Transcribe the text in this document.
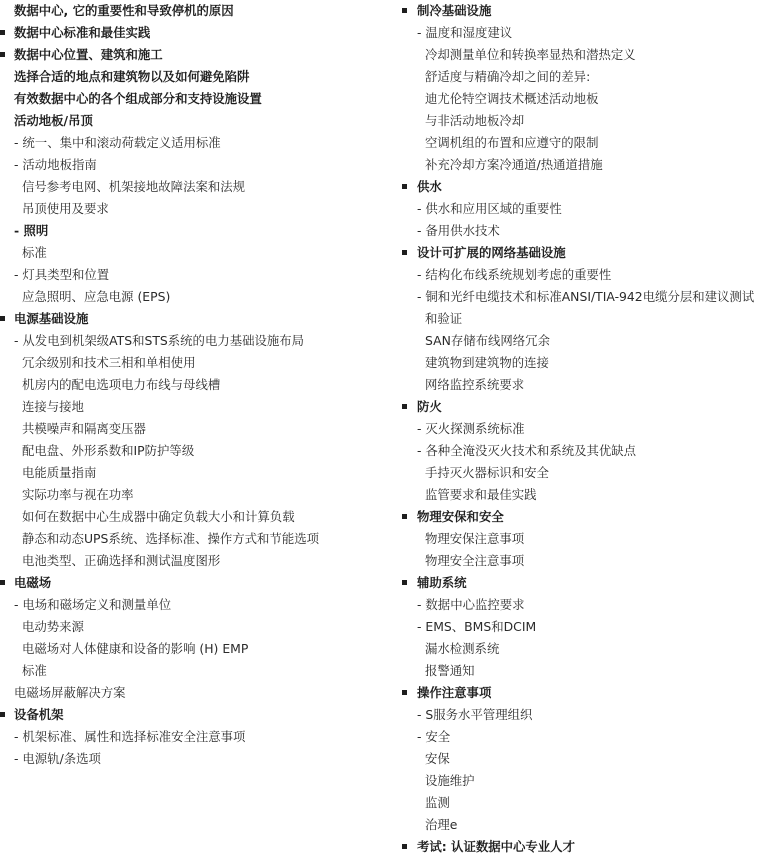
数据中心, 它的重要性和导致停机的原因
数据中心标准和最佳实践
数据中心位置、建筑和施工
选择合适的地点和建筑物以及如何避免陷阱
有效数据中心的各个组成部分和支持设施设置
活动地板/吊顶
- 统一、集中和滚动荷载定义适用标准
- 活动地板指南
信号参考电网、机架接地故障法案和法规
吊顶使用及要求
- 照明
标准
- 灯具类型和位置
应急照明、应急电源 (EPS)
电源基础设施
- 从发电到机架级ATS和STS系统的电力基础设施布局
冗余级别和技术三相和单相使用
机房内的配电选项电力布线与母线槽
连接与接地
共模噪声和隔离变压器
配电盘、外形系数和IP防护等级
电能质量指南
实际功率与视在功率
如何在数据中心生成器中确定负载大小和计算负载
静态和动态UPS系统、选择标准、操作方式和节能选项
电池类型、正确选择和测试温度图形
电磁场
- 电场和磁场定义和测量单位
电动势来源
电磁场对人体健康和设备的影响 (H) EMP
标准
电磁场屏蔽解决方案
设备机架
- 机架标准、属性和选择标准安全注意事项
- 电源轨/条选项
制冷基础设施
- 温度和湿度建议
冷却测量单位和转换率显热和潜热定义
舒适度与精确冷却之间的差异:
迪尤伦特空调技术概述活动地板
与非活动地板冷却
空调机组的布置和应遵守的限制
补充冷却方案冷通道/热通道措施
供水
- 供水和应用区域的重要性
- 备用供水技术
设计可扩展的网络基础设施
- 结构化布线系统规划考虑的重要性
- 铜和光纤电缆技术和标准ANSI/TIA-942电缆分层和建议测试
和验证
SAN存储布线网络冗余
建筑物到建筑物的连接
网络监控系统要求
防火
- 灭火探测系统标准
- 各种全淹没灭火技术和系统及其优缺点
手持灭火器标识和安全
监管要求和最佳实践
物理安保和安全
物理安保注意事项
物理安全注意事项
辅助系统
- 数据中心监控要求
- EMS、BMS和DCIM
漏水检测系统
报警通知
操作注意事项
- S服务水平管理组织
- 安全
安保
设施维护
监测
治理e
考试: 认证数据中心专业人才
